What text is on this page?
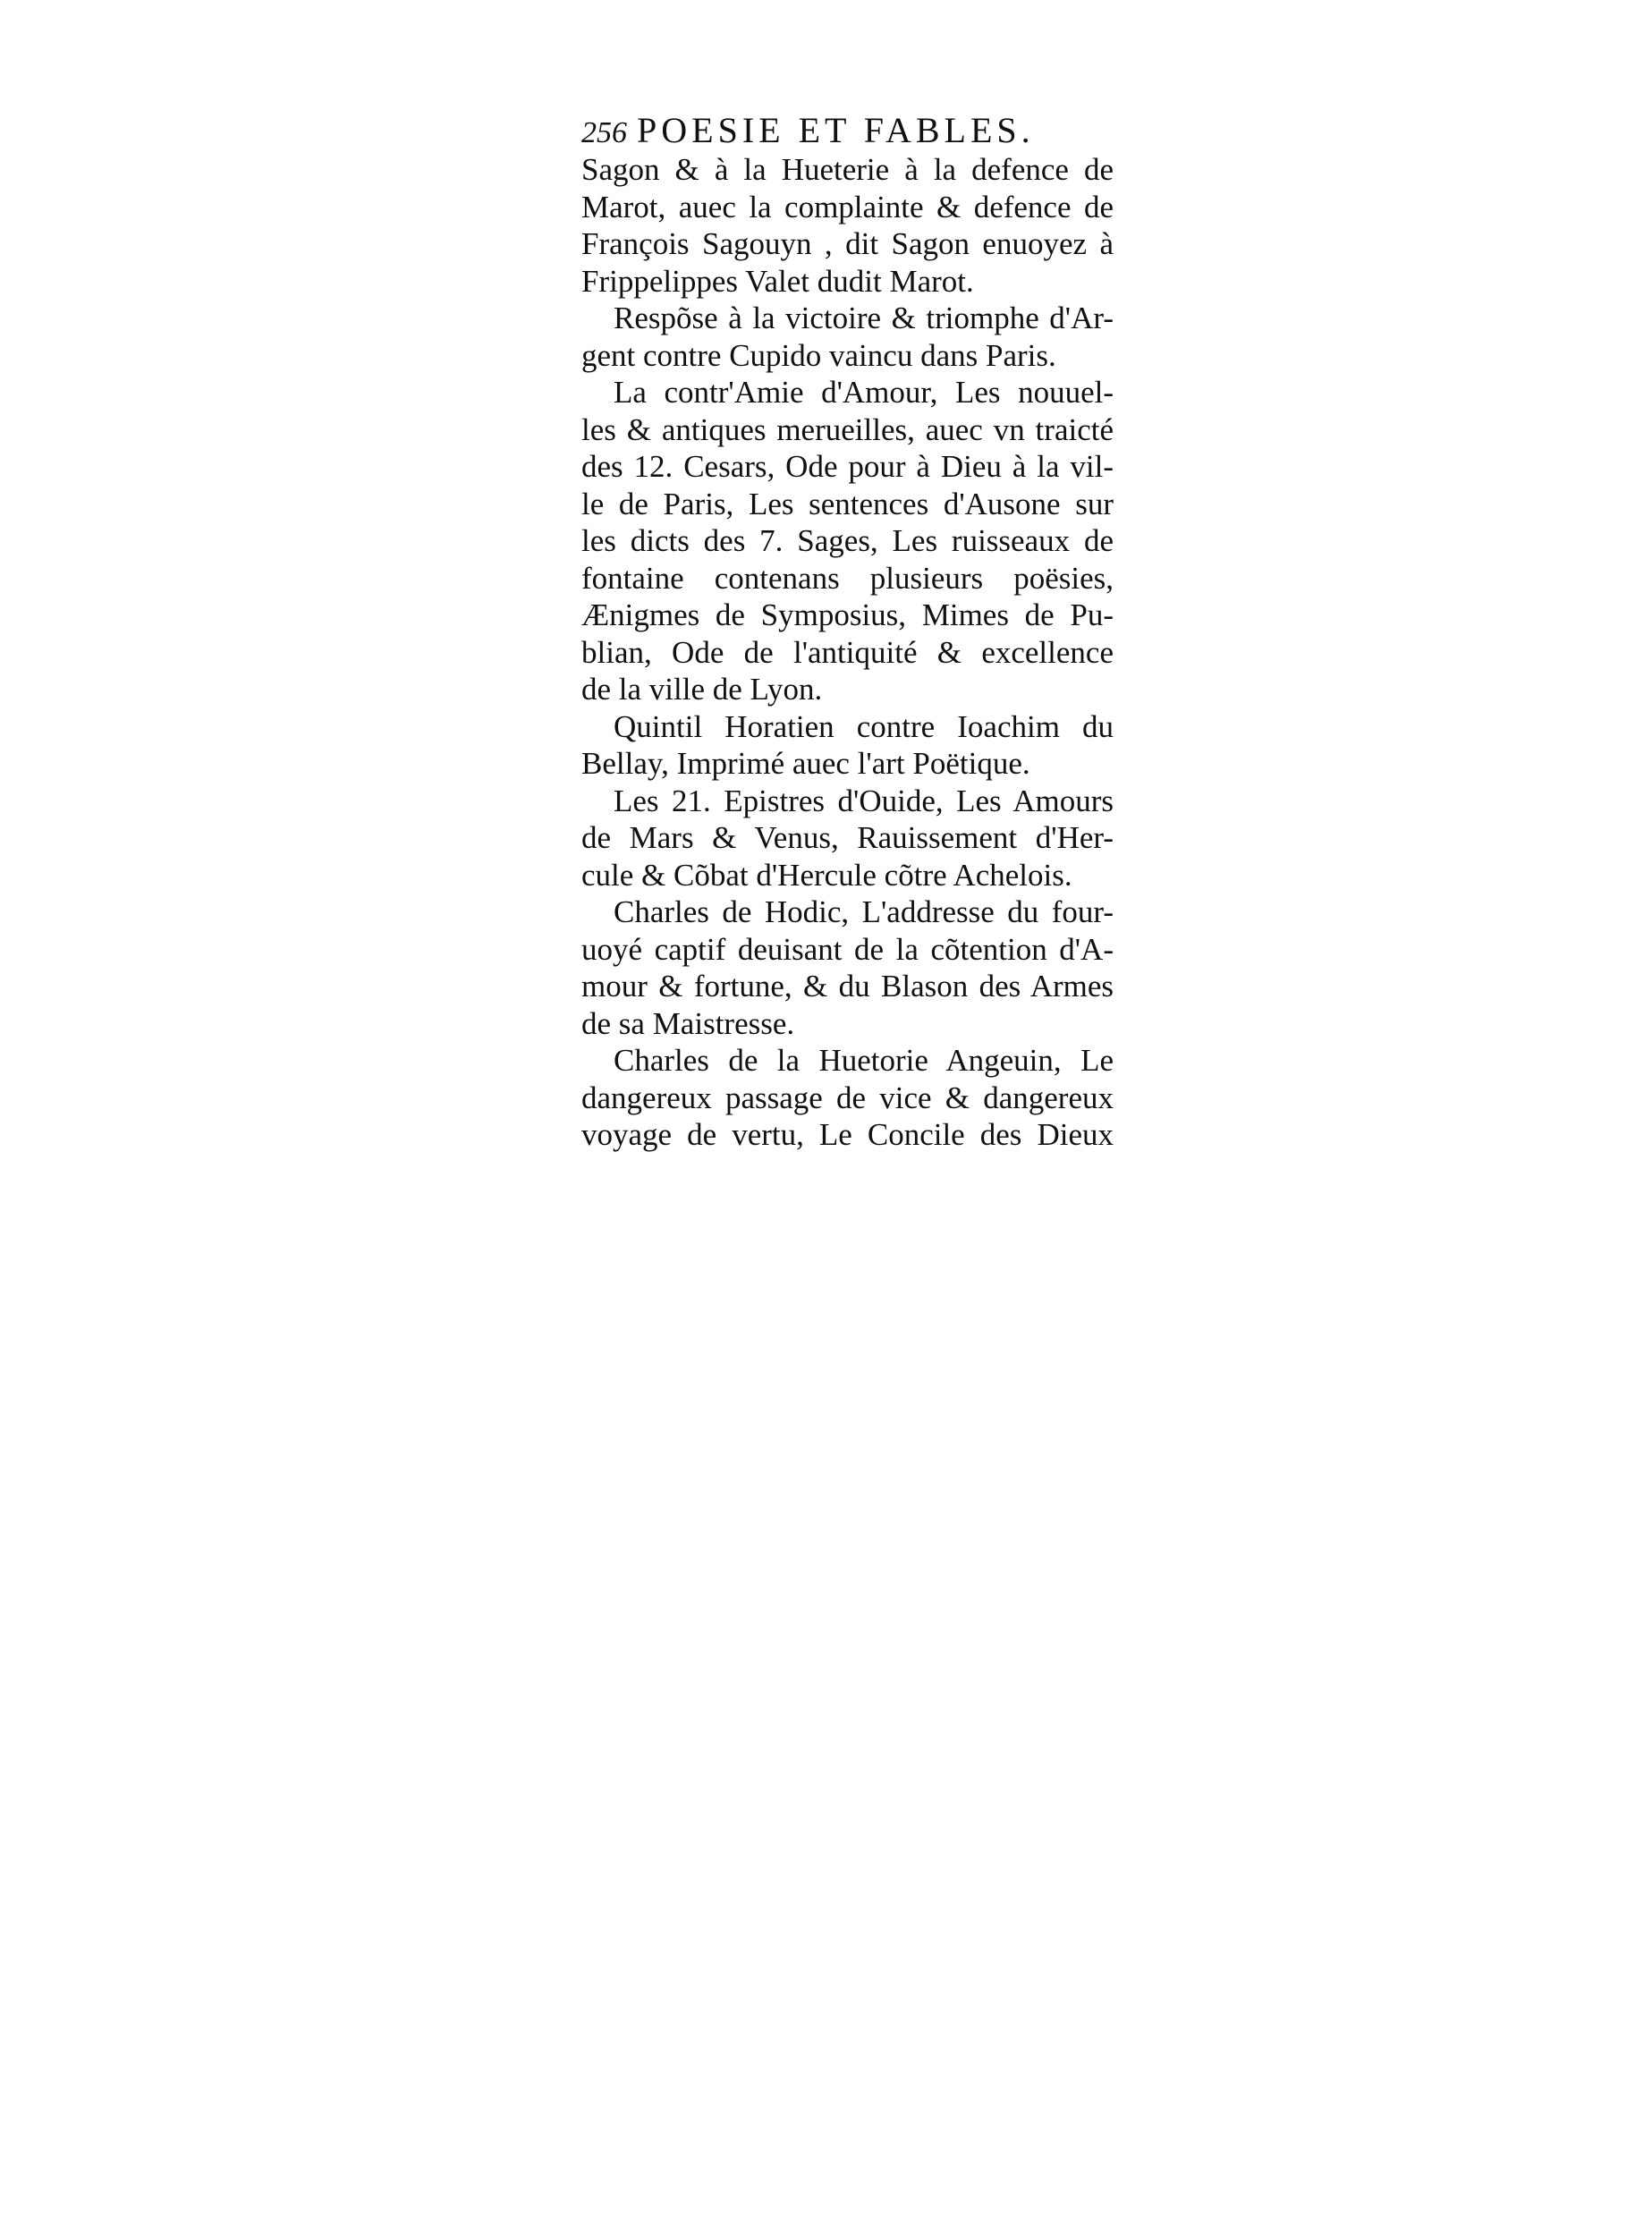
256 POESIE ET FABLES.
Sagon & à la Hueterie à la defence de
Marot, auec la complainte & defence de
François Sagouyn , dit Sagon enuoyez à
Frippelippes Valet dudit Marot.
Respõse à la victoire & triomphe d'Ar-
gent contre Cupido vaincu dans Paris.
La contr'Amie d'Amour, Les nouuel-
les & antiques merueilles, auec vn traicté
des 12. Cesars, Ode pour à Dieu à la vil-
le de Paris, Les sentences d'Ausone sur
les dicts des 7. Sages, Les ruisseaux de
fontaine contenans plusieurs poësies,
Ænigmes de Symposius, Mimes de Pu-
blian, Ode de l'antiquité & excellence
de la ville de Lyon.
Quintil Horatien contre Ioachim du
Bellay, Imprimé auec l'art Poëtique.
Les 21. Epistres d'Ouide, Les Amours
de Mars & Venus, Rauissement d'Her-
cule & Cõbat d'Hercule cõtre Achelois.
Charles de Hodic, L'addresse du four-
uoyé captif deuisant de la cõtention d'A-
mour & fortune, & du Blason des Armes
de sa Maistresse.
Charles de la Huetorie Angeuin, Le
dangereux passage de vice & dangereux
voyage de vertu, Le Concile des Dieux
